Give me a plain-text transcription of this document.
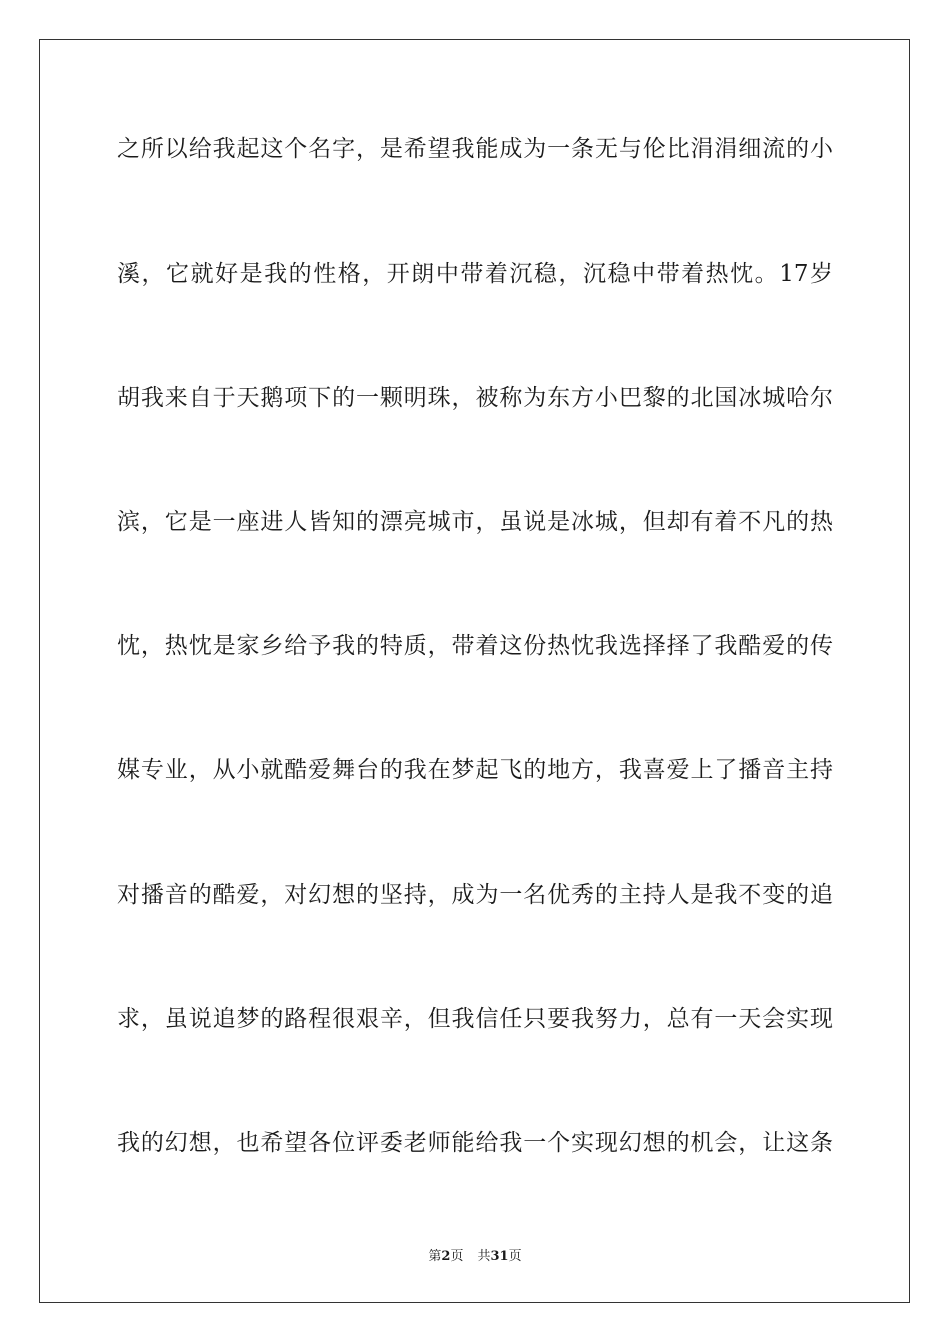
之所以给我起这个名字，是希望我能成为一条无与伦比涓涓细流的小
溪，它就好是我的性格，开朗中带着沉稳，沉稳中带着热忱。17岁
胡我来自于天鹅项下的一颗明珠，被称为东方小巴黎的北国冰城哈尔
滨，它是一座进人皆知的漂亮城市，虽说是冰城，但却有着不凡的热
忱，热忱是家乡给予我的特质，带着这份热忱我选择择了我酷爱的传
媒专业，从小就酷爱舞台的我在梦起飞的地方，我喜爱上了播音主持
对播音的酷爱，对幻想的坚持，成为一名优秀的主持人是我不变的追
求，虽说追梦的路程很艰辛，但我信任只要我努力，总有一天会实现
我的幻想，也希望各位评委老师能给我一个实现幻想的机会，让这条
第2页 共31页
